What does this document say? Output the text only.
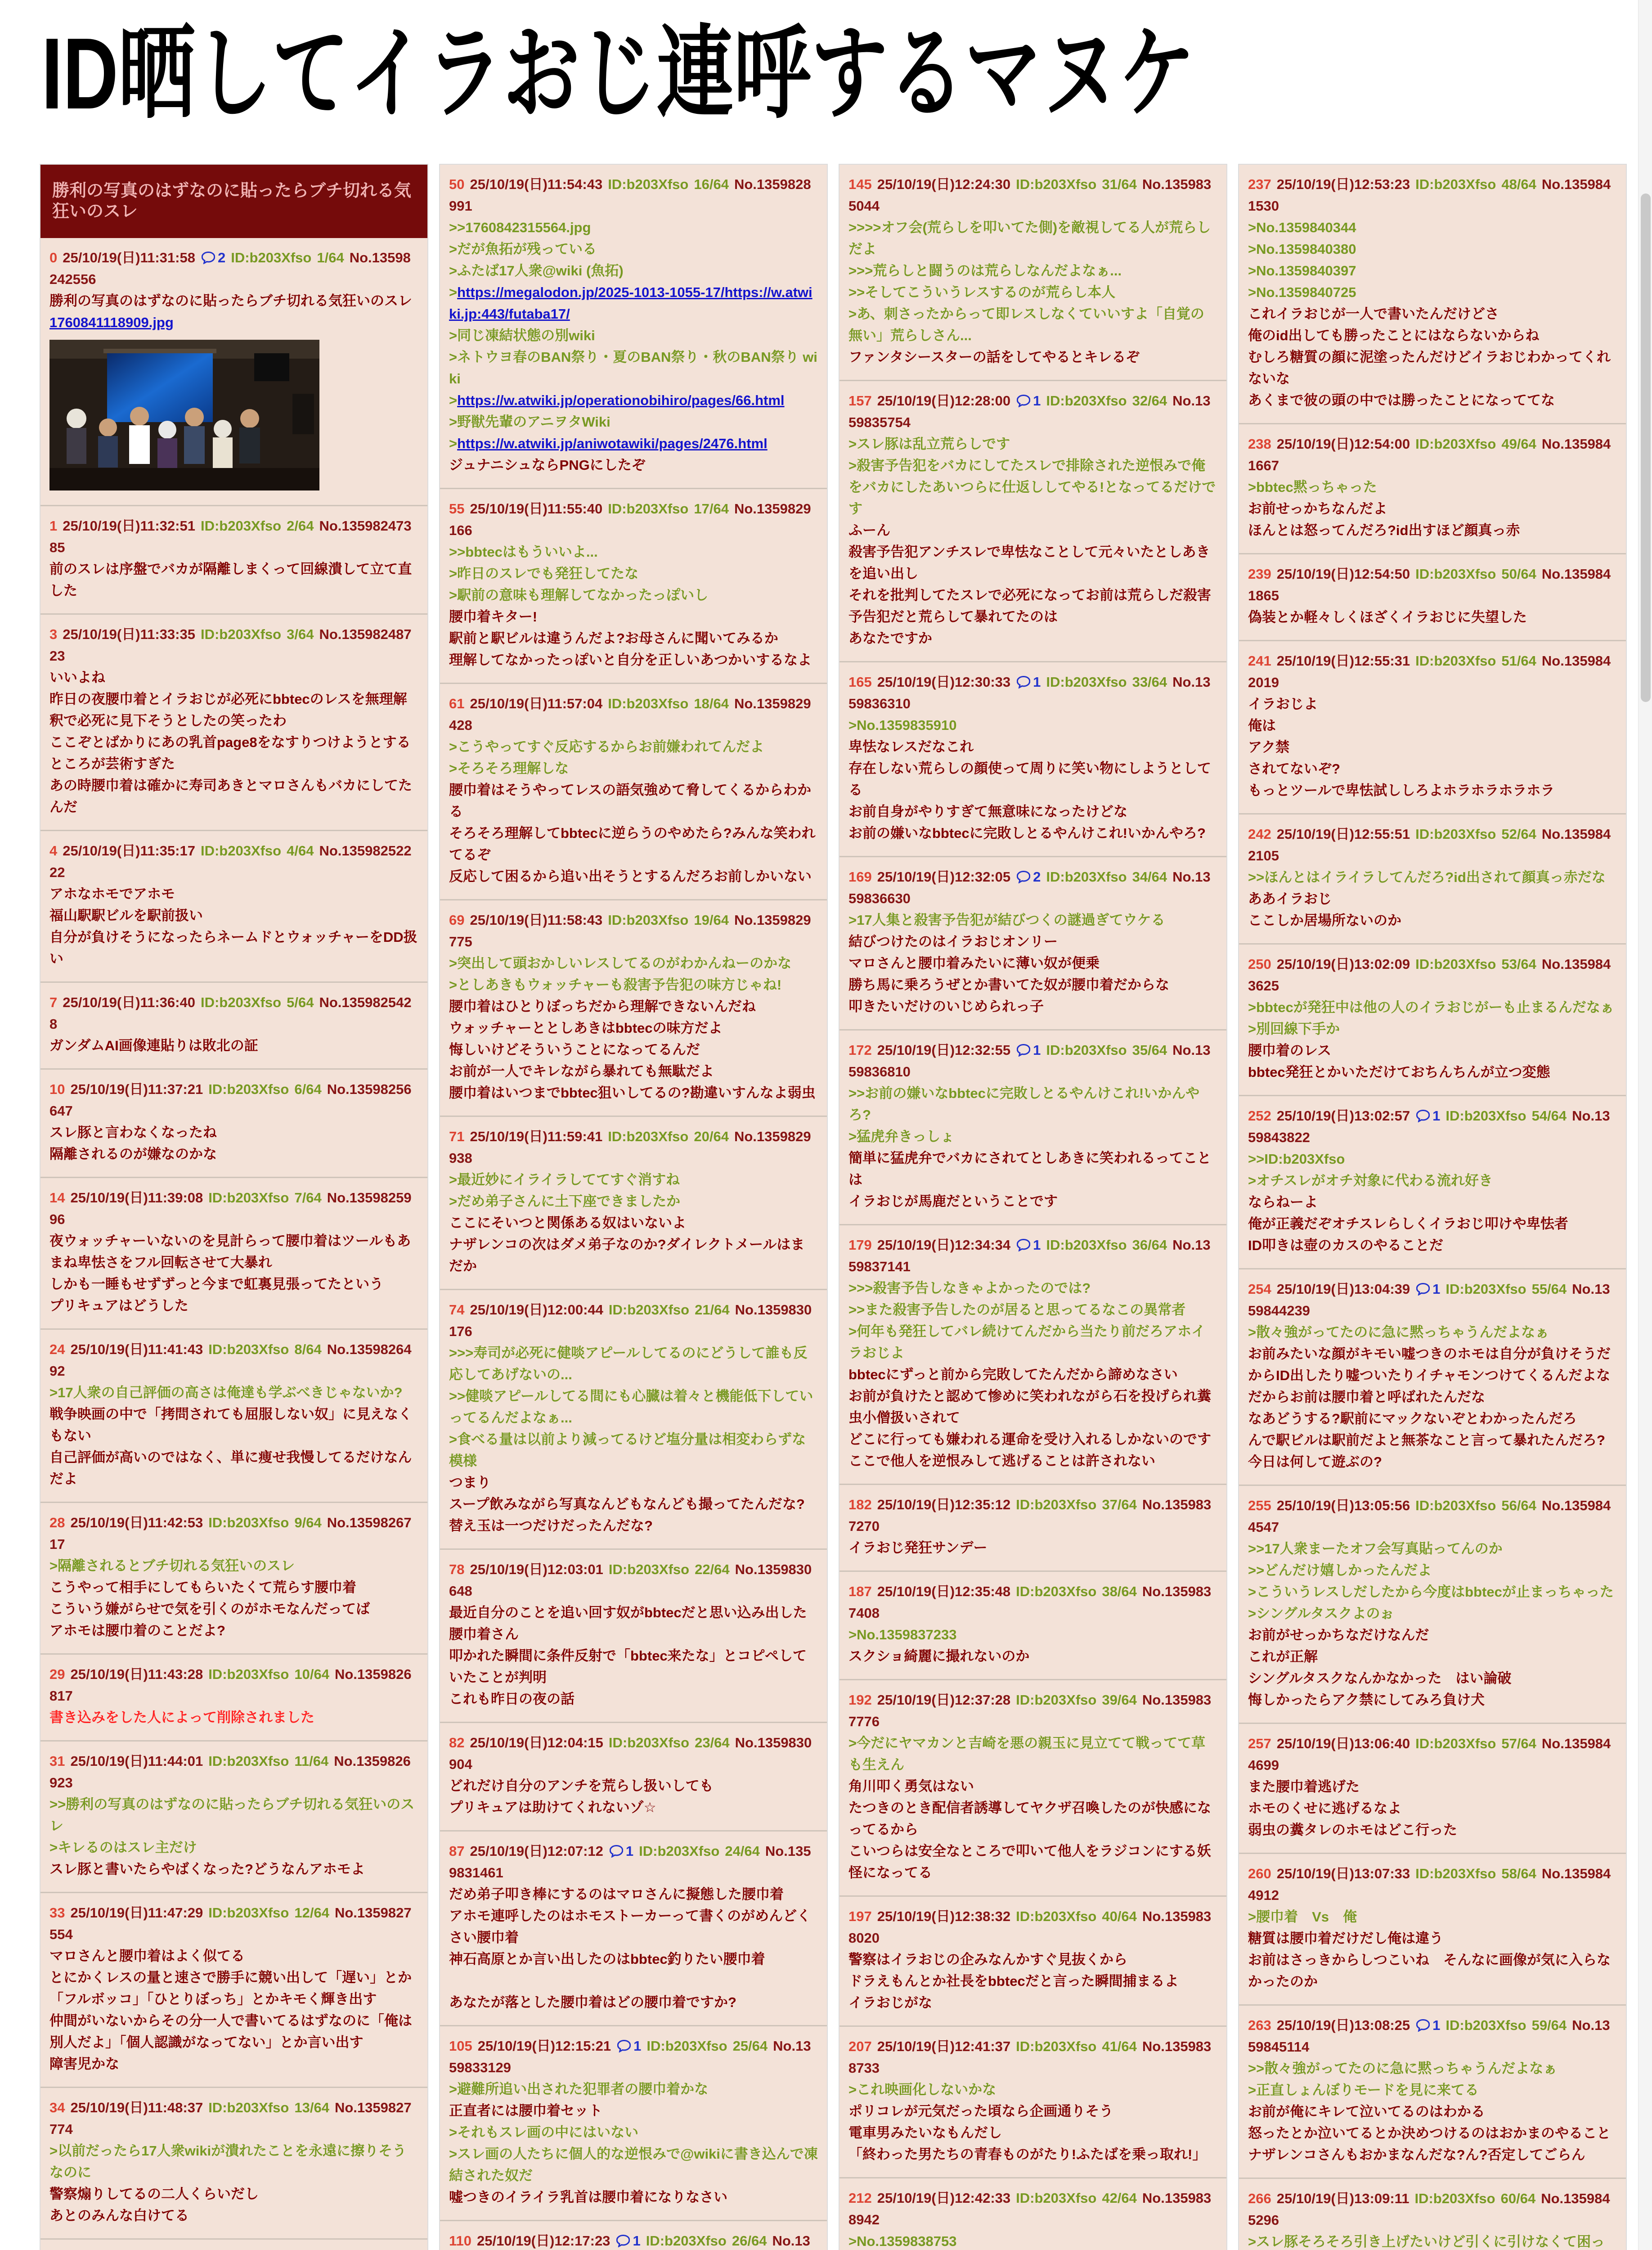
ID晒してイラおじ連呼するマヌケ
勝利の写真のはずなのに貼ったらブチ切れる気狂いのスレ
0 25/10/19(日)11:31:58 2 ID:b203Xfso 1/64 No.13598242556
勝利の写真のはずなのに貼ったらブチ切れる気狂いのスレ
1760841118909.jpg
1 25/10/19(日)11:32:51 ID:b203Xfso 2/64 No.13598247385
前のスレは序盤でバカが隔離しまくって回線潰して立て直した
3 25/10/19(日)11:33:35 ID:b203Xfso 3/64 No.13598248723
いいよね
昨日の夜腰巾着とイラおじが必死にbbtecのレスを無理解釈で必死に見下そうとしたの笑ったわ
ここぞとばかりにあの乳首page8をなすりつけようとするところが芸術すぎた
あの時腰巾着は確かに寿司あきとマロさんもバカにしてたんだ
4 25/10/19(日)11:35:17 ID:b203Xfso 4/64 No.13598252222
アホなホモでアホモ
福山駅駅ビルを駅前扱い
自分が負けそうになったらネームドとウォッチャーをDD扱い
7 25/10/19(日)11:36:40 ID:b203Xfso 5/64 No.1359825428
ガンダムAI画像連貼りは敗北の証
10 25/10/19(日)11:37:21 ID:b203Xfso 6/64 No.13598256647
スレ豚と言わなくなったね
隔離されるのが嫌なのかな
14 25/10/19(日)11:39:08 ID:b203Xfso 7/64 No.1359825996
夜ウォッチャーいないのを見計らって腰巾着はツールもあまね卑怯さをフル回転させて大暴れ
しかも一睡もせずずっと今まで虹裏見張ってたという
プリキュアはどうした
24 25/10/19(日)11:41:43 ID:b203Xfso 8/64 No.1359826492
>17人衆の自己評価の高さは俺達も学ぶべきじゃないか?
戦争映画の中で「拷問されても屈服しない奴」に見えなくもない
自己評価が高いのではなく、単に痩せ我慢してるだけなんだよ
28 25/10/19(日)11:42:53 ID:b203Xfso 9/64 No.1359826717
>隔離されるとブチ切れる気狂いのスレ
こうやって相手にしてもらいたくて荒らす腰巾着
こういう嫌がらせで気を引くのがホモなんだってば
アホモは腰巾着のことだよ?
29 25/10/19(日)11:43:28 ID:b203Xfso 10/64 No.1359826817
書き込みをした人によって削除されました
31 25/10/19(日)11:44:01 ID:b203Xfso 11/64 No.1359826923
>>勝利の写真のはずなのに貼ったらブチ切れる気狂いのスレ
>キレるのはスレ主だけ
スレ豚と書いたらやばくなった?どうなんアホモよ
33 25/10/19(日)11:47:29 ID:b203Xfso 12/64 No.1359827554
マロさんと腰巾着はよく似てる
とにかくレスの量と速さで勝手に競い出して「遅い」とか「フルボッコ」「ひとりぼっち」とかキモく輝き出す
仲間がいないからその分一人で書いてるはずなのに「俺は別人だよ」「個人認識がなってない」とか言い出す
障害児かな
34 25/10/19(日)11:48:37 ID:b203Xfso 13/64 No.1359827774
>以前だったら17人衆wikiが潰れたことを永遠に擦りそうなのに
警察煽りしてるの二人くらいだし
あとのみんな白けてる
50 25/10/19(日)11:54:43 ID:b203Xfso 16/64 No.1359828991
>>1760842315564.jpg
>だが魚拓が残っている
>ふたば17人衆@wiki (魚拓)
>https://megalodon.jp/2025-1013-1055-17/https://w.atwiki.jp:443/futaba17/
>同じ凍結状態の別wiki
>ネトウヨ春のBAN祭り・夏のBAN祭り・秋のBAN祭り wiki
>https://w.atwiki.jp/operationobihiro/pages/66.html
>野獣先輩のアニヲタWiki
>https://w.atwiki.jp/aniwotawiki/pages/2476.html
ジュナニシュならPNGにしたぞ
55 25/10/19(日)11:55:40 ID:b203Xfso 17/64 No.1359829166
>>bbtecはもういいよ...
>昨日のスレでも発狂してたな
>駅前の意味も理解してなかったっぽいし
腰巾着キター!
駅前と駅ビルは違うんだよ?お母さんに聞いてみるか
理解してなかったっぽいと自分を正しいあつかいするなよ
61 25/10/19(日)11:57:04 ID:b203Xfso 18/64 No.1359829428
>こうやってすぐ反応するからお前嫌われてんだよ
>そろそろ理解しな
腰巾着はそうやってレスの語気強めて脅してくるからわかる
そろそろ理解してbbtecに逆らうのやめたら?みんな笑われてるぞ
反応して困るから追い出そうとするんだろお前しかいない
69 25/10/19(日)11:58:43 ID:b203Xfso 19/64 No.1359829775
>突出して頭おかしいレスしてるのがわかんねーのかな
>としあきもウォッチャーも殺害予告犯の味方じゃね!
腰巾着はひとりぼっちだから理解できないんだね
ウォッチャーととしあきはbbtecの味方だよ
悔しいけどそういうことになってるんだ
お前が一人でキレながら暴れても無駄だよ
腰巾着はいつまでbbtec狙いしてるの?勘違いすんなよ弱虫
71 25/10/19(日)11:59:41 ID:b203Xfso 20/64 No.1359829938
>最近妙にイライラしててすぐ消すね
>だめ弟子さんに土下座できましたか
ここにそいつと関係ある奴はいないよ
ナザレンコの次はダメ弟子なのか?ダイレクトメールはまだか
74 25/10/19(日)12:00:44 ID:b203Xfso 21/64 No.1359830176
>>>寿司が必死に健啖アピールしてるのにどうして誰も反応してあげないの...
>>健啖アピールしてる間にも心臓は着々と機能低下していってるんだよなぁ...
>食べる量は以前より減ってるけど塩分量は相変わらずな模様
つまり
スープ飲みながら写真なんどもなんども撮ってたんだな?
替え玉は一つだけだったんだな?
78 25/10/19(日)12:03:01 ID:b203Xfso 22/64 No.1359830648
最近自分のことを追い回す奴がbbtecだと思い込み出した腰巾着さん
叩かれた瞬間に条件反射で「bbtec来たな」とコピペしていたことが判明
これも昨日の夜の話
82 25/10/19(日)12:04:15 ID:b203Xfso 23/64 No.1359830904
どれだけ自分のアンチを荒らし扱いしても
プリキュアは助けてくれないゾ☆
87 25/10/19(日)12:07:12 1 ID:b203Xfso 24/64 No.1359831461
だめ弟子叩き棒にするのはマロさんに擬態した腰巾着
アホモ連呼したのはホモストーカーって書くのがめんどくさい腰巾着
神石高原とか言い出したのはbbtec釣りたい腰巾着

あなたが落とした腰巾着はどの腰巾着ですか?
105 25/10/19(日)12:15:21 1 ID:b203Xfso 25/64 No.1359833129
>避難所追い出された犯罪者の腰巾着かな
正直者には腰巾着セット
>それもスレ画の中にはいない
>スレ画の人たちに個人的な逆恨みで@wikiに書き込んで凍結された奴だ
嘘つきのイライラ乳首は腰巾着になりなさい
110 25/10/19(日)12:17:23 1 ID:b203Xfso 26/64 No.13
145 25/10/19(日)12:24:30 ID:b203Xfso 31/64 No.1359835044
>>>>オフ会(荒らしを叩いてた側)を敵視してる人が荒らしだよ
>>>荒らしと闘うのは荒らしなんだよなぁ...
>>そしてこういうレスするのが荒らし本人
>あ、刺さったからって即レスしなくていいすよ「自覚の無い」荒らしさん...
ファンタシースターの話をしてやるとキレるぞ
157 25/10/19(日)12:28:00 1 ID:b203Xfso 32/64 No.1359835754
>スレ豚は乱立荒らしです
>殺害予告犯をバカにしてたスレで排除された逆恨みで俺をバカにしたあいつらに仕返ししてやる!となってるだけです
ふーん
殺害予告犯アンチスレで卑怯なことして元々いたとしあきを追い出し
それを批判してたスレで必死になってお前は荒らしだ殺害予告犯だと荒らして暴れてたのは
あなたですか
165 25/10/19(日)12:30:33 1 ID:b203Xfso 33/64 No.1359836310
>No.1359835910
卑怯なレスだなこれ
存在しない荒らしの顔使って周りに笑い物にしようとしてる
お前自身がやりすぎて無意味になったけどな
お前の嫌いなbbtecに完敗しとるやんけこれ!いかんやろ?
169 25/10/19(日)12:32:05 2 ID:b203Xfso 34/64 No.1359836630
>17人集と殺害予告犯が結びつくの謎過ぎてウケる
結びつけたのはイラおじオンリー
マロさんと腰巾着みたいに薄い奴が便乗
勝ち馬に乗ろうぜとか書いてた奴が腰巾着だからな
叩きたいだけのいじめられっ子
172 25/10/19(日)12:32:55 1 ID:b203Xfso 35/64 No.1359836810
>>お前の嫌いなbbtecに完敗しとるやんけこれ!いかんやろ?
>猛虎弁きっしょ
簡単に猛虎弁でバカにされてとしあきに笑われるってことは
イラおじが馬鹿だということです
179 25/10/19(日)12:34:34 1 ID:b203Xfso 36/64 No.1359837141
>>>殺害予告しなきゃよかったのでは?
>>また殺害予告したのが居ると思ってるなこの異常者
>何年も発狂してバレ続けてんだから当たり前だろアホイラおじよ
bbtecにずっと前から完敗してたんだから諦めなさい
お前が負けたと認めて惨めに笑われながら石を投げられ糞虫小僧扱いされて
どこに行っても嫌われる運命を受け入れるしかないのです
ここで他人を逆恨みして逃げることは許されない
182 25/10/19(日)12:35:12 ID:b203Xfso 37/64 No.1359837270
イラおじ発狂サンデー
187 25/10/19(日)12:35:48 ID:b203Xfso 38/64 No.1359837408
>No.1359837233
スクショ綺麗に撮れないのか
192 25/10/19(日)12:37:28 ID:b203Xfso 39/64 No.1359837776
>今だにヤマカンと吉崎を悪の親玉に見立てて戦ってて草も生えん
角川叩く勇気はない
たつきのとき配信者誘導してヤクザ召喚したのが快感になってるから
こいつらは安全なところで叩いて他人をラジコンにする妖怪になってる
197 25/10/19(日)12:38:32 ID:b203Xfso 40/64 No.1359838020
警察はイラおじの企みなんかすぐ見抜くから
ドラえもんとか社長をbbtecだと言った瞬間捕まるよ
イラおじがな
207 25/10/19(日)12:41:37 ID:b203Xfso 41/64 No.1359838733
>これ映画化しないかな
ポリコレが元気だった頃なら企画通りそう
電車男みたいなもんだし
「終わった男たちの青春ものがたり!ふたばを乗っ取れ!」
212 25/10/19(日)12:42:33 ID:b203Xfso 42/64 No.1359838942
>No.1359838753
237 25/10/19(日)12:53:23 ID:b203Xfso 48/64 No.1359841530
>No.1359840344
>No.1359840380
>No.1359840397
>No.1359840725
これイラおじが一人で書いたんだけどさ
俺のid出しても勝ったことにはならないからね
むしろ糖質の顔に泥塗ったんだけどイラおじわかってくれないな
あくまで彼の頭の中では勝ったことになっててな
238 25/10/19(日)12:54:00 ID:b203Xfso 49/64 No.1359841667
>bbtec黙っちゃった
お前せっかちなんだよ
ほんとは怒ってんだろ?id出すほど顔真っ赤
239 25/10/19(日)12:54:50 ID:b203Xfso 50/64 No.1359841865
偽装とか軽々しくほざくイラおじに失望した
241 25/10/19(日)12:55:31 ID:b203Xfso 51/64 No.1359842019
イラおじよ
俺は
アク禁
されてないぞ?
もっとツールで卑怯試ししろよホラホラホラホラ
242 25/10/19(日)12:55:51 ID:b203Xfso 52/64 No.1359842105
>>ほんとはイライラしてんだろ?id出されて顔真っ赤だな
ああイラおじ
ここしか居場所ないのか
250 25/10/19(日)13:02:09 ID:b203Xfso 53/64 No.1359843625
>bbtecが発狂中は他の人のイラおじがーも止まるんだなぁ
>別回線下手か
腰巾着のレス
bbtec発狂とかいただけておちんちんが立つ変態
252 25/10/19(日)13:02:57 1 ID:b203Xfso 54/64 No.1359843822
>>ID:b203Xfso
>オチスレがオチ対象に代わる流れ好き
ならねーよ
俺が正義だぞオチスレらしくイラおじ叩けや卑怯者
ID叩きは壺のカスのやることだ
254 25/10/19(日)13:04:39 1 ID:b203Xfso 55/64 No.1359844239
>散々強がってたのに急に黙っちゃうんだよなぁ
お前みたいな顔がキモい嘘つきのホモは自分が負けそうだからID出したり嘘ついたりイチャモンつけてくるんだよな
だからお前は腰巾着と呼ばれたんだな
なあどうする?駅前にマックないぞとわかったんだろ
んで駅ビルは駅前だよと無茶なこと言って暴れたんだろ?
今日は何して遊ぶの?
255 25/10/19(日)13:05:56 ID:b203Xfso 56/64 No.1359844547
>>17人衆まーたオフ会写真貼ってんのか
>>どんだけ嬉しかったんだよ
>こういうレスしだしたから今度はbbtecが止まっちゃった
>シングルタスクよのぉ
お前がせっかちなだけなんだ
これが正解
シングルタスクなんかなかった　はい論破
悔しかったらアク禁にしてみろ負け犬
257 25/10/19(日)13:06:40 ID:b203Xfso 57/64 No.1359844699
また腰巾着逃げた
ホモのくせに逃げるなよ
弱虫の糞タレのホモはどこ行った
260 25/10/19(日)13:07:33 ID:b203Xfso 58/64 No.1359844912
>腰巾着　Vs　俺
糖質は腰巾着だけだし俺は違う
お前はさっきからしつこいね　そんなに画像が気に入らなかったのか
263 25/10/19(日)13:08:25 1 ID:b203Xfso 59/64 No.1359845114
>>散々強がってたのに急に黙っちゃうんだよなぁ
>正直しょんぼりモードを見に来てる
お前が俺にキレて泣いてるのはわかる
怒ったとか泣いてるとか決めつけるのはおかまのやること
ナザレンコさんもおかまなんだな?ん?否定してごらん
266 25/10/19(日)13:09:11 ID:b203Xfso 60/64 No.1359845296
>スレ豚そろそろ引き上げたいけど引くに引けなくて困っ
